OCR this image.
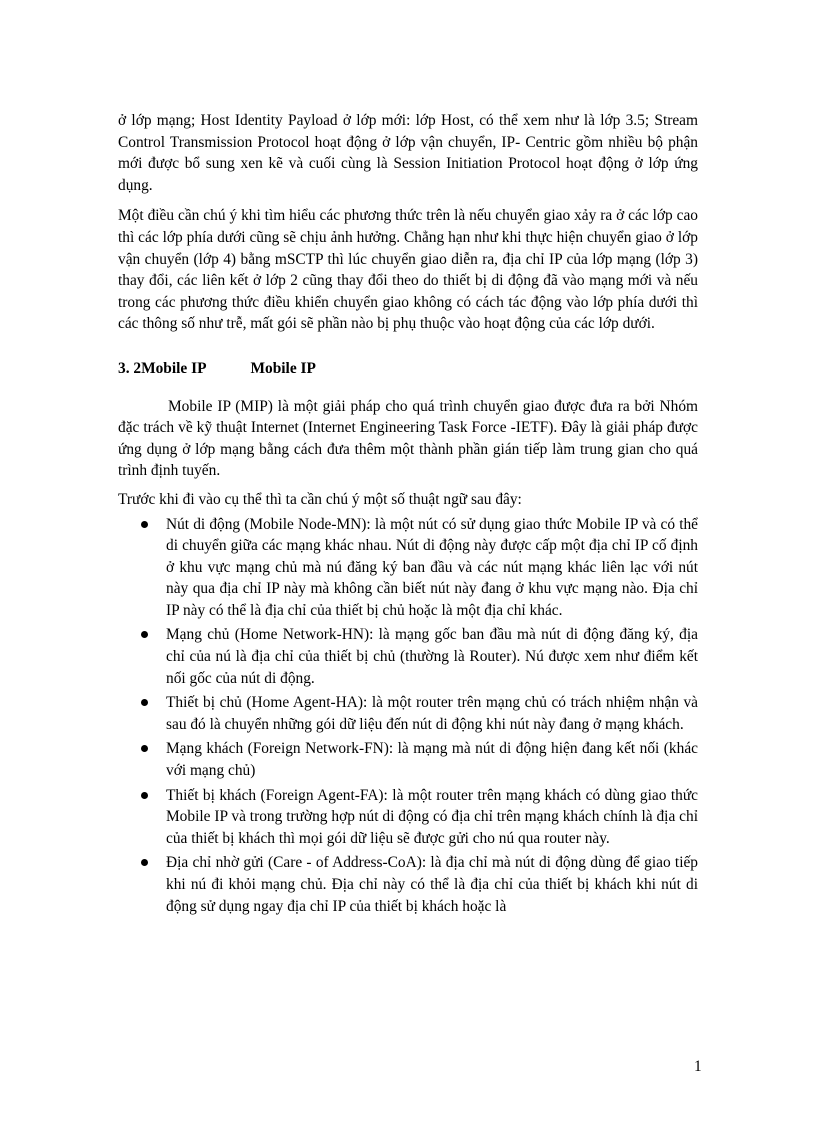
ở lớp mạng; Host Identity Payload ở lớp mới: lớp Host, có thể xem như là lớp 3.5; Stream Control Transmission Protocol hoạt động ở lớp vận chuyển, IP- Centric gồm nhiều bộ phận mới được bổ sung xen kẽ và cuối cùng là Session Initiation Protocol hoạt động ở lớp ứng dụng.

Một điều cần chú ý khi tìm hiểu các phương thức trên là nếu chuyển giao xảy ra ở các lớp cao thì các lớp phía dưới cũng sẽ chịu ảnh hưởng. Chẳng hạn như khi thực hiện chuyển giao ở lớp vận chuyển (lớp 4) bằng mSCTP thì lúc chuyển giao diễn ra, địa chỉ IP của lớp mạng (lớp 3) thay đổi, các liên kết ở lớp 2 cũng thay đổi theo do thiết bị di động đã vào mạng mới và nếu trong các phương thức điều khiển chuyển giao không có cách tác động vào lớp phía dưới thì các thông số như trễ, mất gói sẽ phần nào bị phụ thuộc vào hoạt động của các lớp dưới.

3. 2Mobile IP	Mobile IP

Mobile IP (MIP) là một giải pháp cho quá trình chuyển giao được đưa ra bởi Nhóm đặc trách về kỹ thuật Internet (Internet Engineering Task Force -IETF). Đây là giải pháp được ứng dụng ở lớp mạng bằng cách đưa thêm một thành phần gián tiếp làm trung gian cho quá trình định tuyến.

Trước khi đi vào cụ thể thì ta cần chú ý một số thuật ngữ sau đây:

Nút di động (Mobile Node-MN): là một nút có sử dụng giao thức Mobile IP và có thể di chuyển giữa các mạng khác nhau. Nút di động này được cấp một địa chỉ IP cố định ở khu vực mạng chủ mà nú đăng ký ban đầu và các nút mạng khác liên lạc với nút này qua địa chỉ IP này mà không cần biết nút này đang ở khu vực mạng nào. Địa chỉ IP này có thể là địa chỉ của thiết bị chủ hoặc là một địa chỉ khác.
Mạng chủ (Home Network-HN): là mạng gốc ban đầu mà nút di động đăng ký, địa chỉ của nú là địa chỉ của thiết bị chủ (thường là Router). Nú được xem như điểm kết nối gốc của nút di động.
Thiết bị chủ (Home Agent-HA): là một router trên mạng chủ có trách nhiệm nhận và sau đó là chuyển những gói dữ liệu đến nút di động khi nút này đang ở mạng khách.
Mạng khách (Foreign Network-FN): là mạng mà nút di động hiện đang kết nối (khác với mạng chủ)
Thiết bị khách (Foreign Agent-FA): là một router trên mạng khách có dùng giao thức Mobile IP và trong trường hợp nút di động có địa chỉ trên mạng khách chính là địa chỉ của thiết bị khách thì mọi gói dữ liệu sẽ được gửi cho nú qua router này.
Địa chỉ nhờ gửi (Care - of Address-CoA): là địa chỉ mà nút di động dùng để giao tiếp khi nú đi khỏi mạng chủ. Địa chỉ này có thể là địa chỉ của thiết bị khách khi nút di động sử dụng ngay địa chỉ IP của thiết bị khách hoặc là
1
